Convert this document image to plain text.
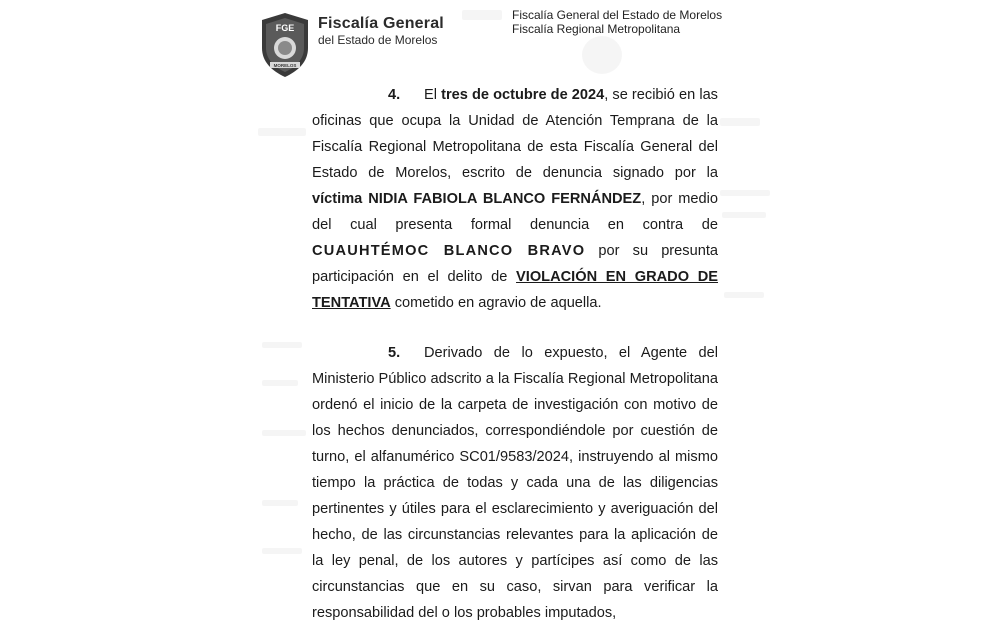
FGE
MORELOS
Fiscalía General
del Estado de Morelos
Fiscalía General del Estado de Morelos
Fiscalía Regional Metropolitana

4. El tres de octubre de 2024, se recibió en las oficinas que ocupa la Unidad de Atención Temprana de la Fiscalía Regional Metropolitana de esta Fiscalía General del Estado de Morelos, escrito de denuncia signado por la víctima NIDIA FABIOLA BLANCO FERNÁNDEZ, por medio del cual presenta formal denuncia en contra de CUAUHTÉMOC BLANCO BRAVO por su presunta participación en el delito de VIOLACIÓN EN GRADO DE TENTATIVA cometido en agravio de aquella.

5. Derivado de lo expuesto, el Agente del Ministerio Público adscrito a la Fiscalía Regional Metropolitana ordenó el inicio de la carpeta de investigación con motivo de los hechos denunciados, correspondiéndole por cuestión de turno, el alfanumérico SC01/9583/2024, instruyendo al mismo tiempo la práctica de todas y cada una de las diligencias pertinentes y útiles para el esclarecimiento y averiguación del hecho, de las circunstancias relevantes para la aplicación de la ley penal, de los autores y partícipes así como de las circunstancias que en su caso, sirvan para verificar la responsabilidad del o los probables imputados,
